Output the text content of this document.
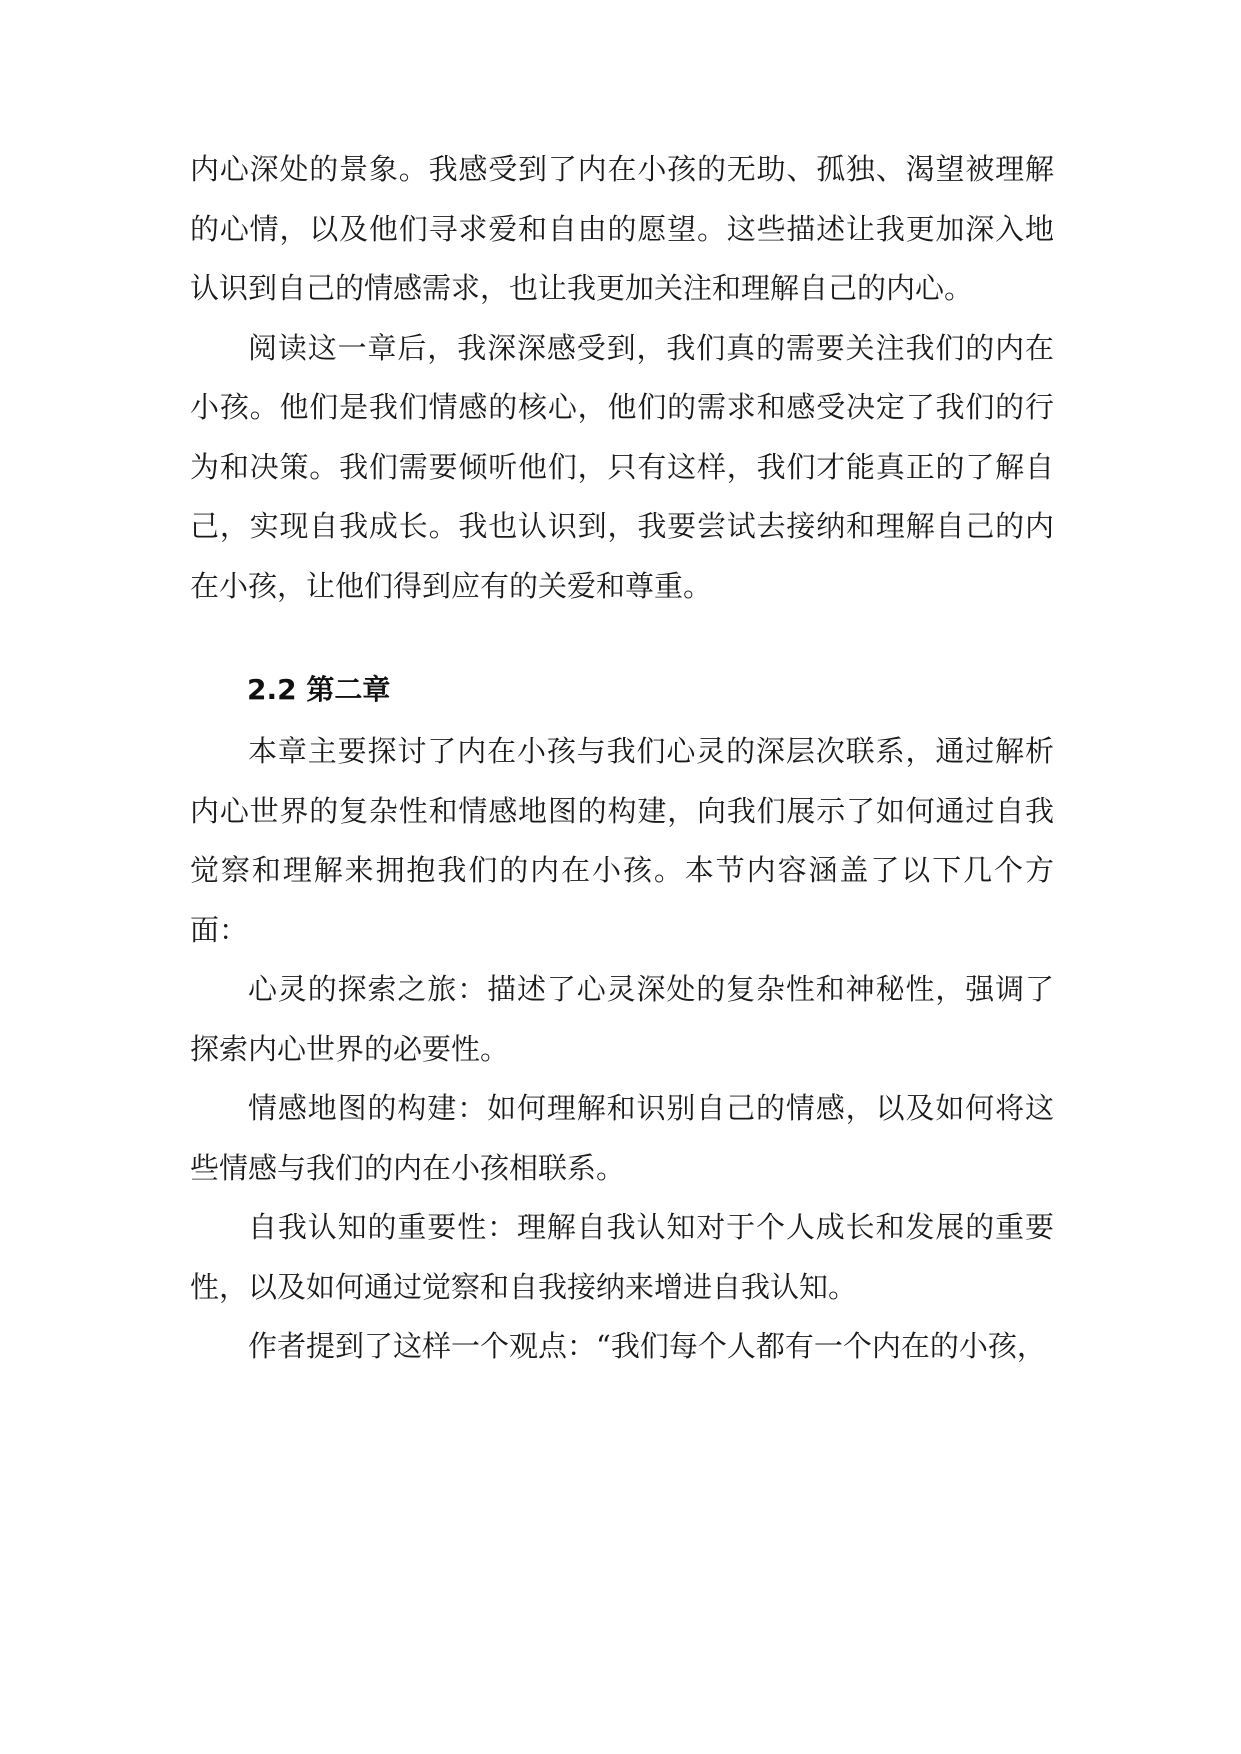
内心深处的景象。我感受到了内在小孩的无助、孤独、渴望被理解的心情，以及他们寻求爱和自由的愿望。这些描述让我更加深入地认识到自己的情感需求，也让我更加关注和理解自己的内心。

阅读这一章后，我深深感受到，我们真的需要关注我们的内在小孩。他们是我们情感的核心，他们的需求和感受决定了我们的行为和决策。我们需要倾听他们，只有这样，我们才能真正的了解自己，实现自我成长。我也认识到，我要尝试去接纳和理解自己的内在小孩，让他们得到应有的关爱和尊重。

2.2 第二章

本章主要探讨了内在小孩与我们心灵的深层次联系，通过解析内心世界的复杂性和情感地图的构建，向我们展示了如何通过自我觉察和理解来拥抱我们的内在小孩。本节内容涵盖了以下几个方面：

心灵的探索之旅：描述了心灵深处的复杂性和神秘性，强调了探索内心世界的必要性。

情感地图的构建：如何理解和识别自己的情感，以及如何将这些情感与我们的内在小孩相联系。

自我认知的重要性：理解自我认知对于个人成长和发展的重要性，以及如何通过觉察和自我接纳来增进自我认知。

作者提到了这样一个观点：“我们每个人都有一个内在的小孩，
